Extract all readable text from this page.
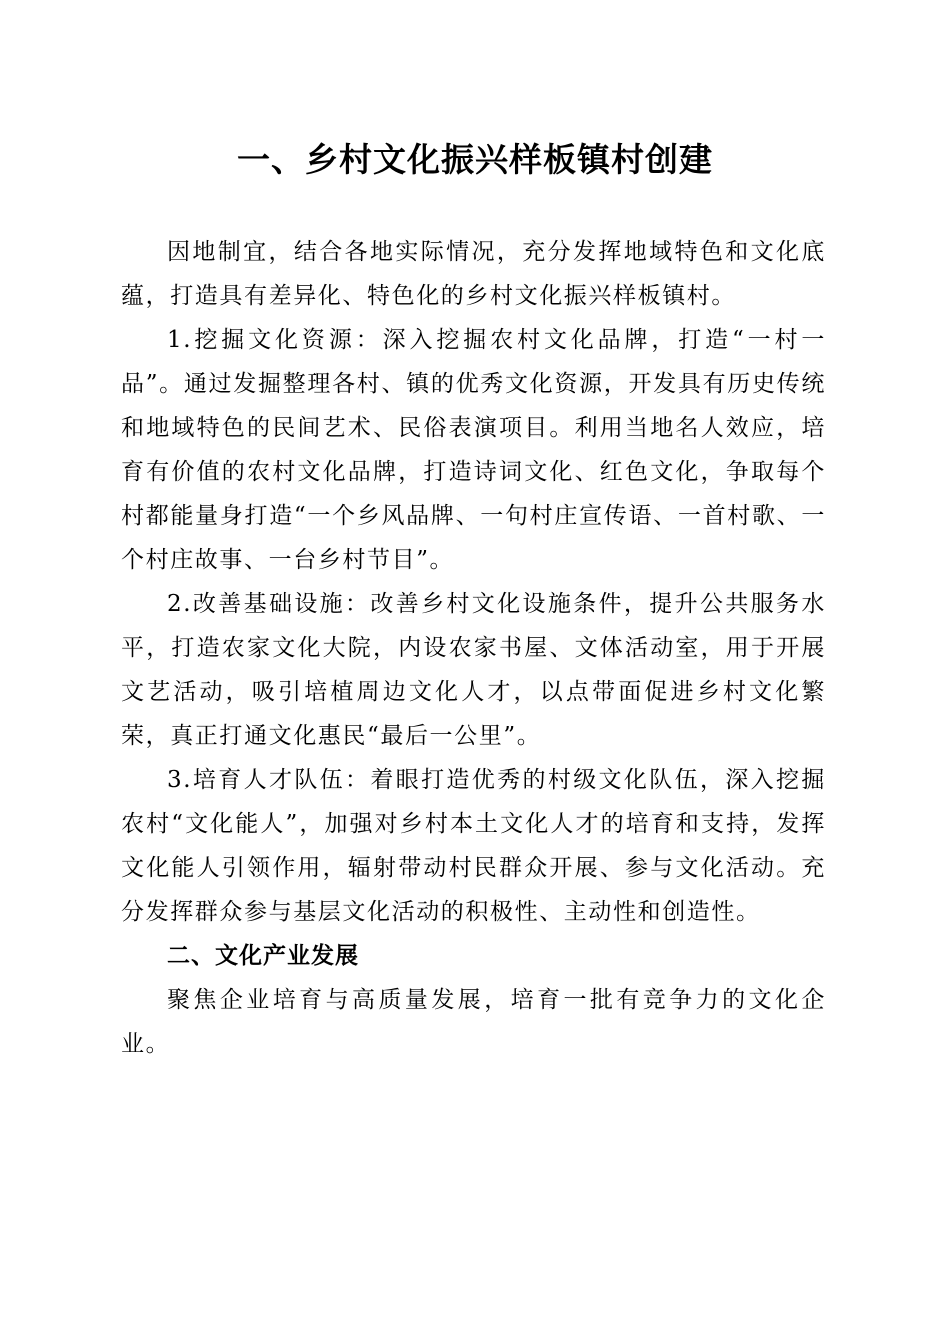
一、乡村文化振兴样板镇村创建

因地制宜，结合各地实际情况，充分发挥地域特色和文化底蕴，打造具有差异化、特色化的乡村文化振兴样板镇村。

1.挖掘文化资源：深入挖掘农村文化品牌，打造“一村一品”。通过发掘整理各村、镇的优秀文化资源，开发具有历史传统和地域特色的民间艺术、民俗表演项目。利用当地名人效应，培育有价值的农村文化品牌，打造诗词文化、红色文化，争取每个村都能量身打造“一个乡风品牌、一句村庄宣传语、一首村歌、一个村庄故事、一台乡村节目”。

2.改善基础设施：改善乡村文化设施条件，提升公共服务水平，打造农家文化大院，内设农家书屋、文体活动室，用于开展文艺活动，吸引培植周边文化人才，以点带面促进乡村文化繁荣，真正打通文化惠民“最后一公里”。

3.培育人才队伍：着眼打造优秀的村级文化队伍，深入挖掘农村“文化能人”，加强对乡村本土文化人才的培育和支持，发挥文化能人引领作用，辐射带动村民群众开展、参与文化活动。充分发挥群众参与基层文化活动的积极性、主动性和创造性。

二、文化产业发展

聚焦企业培育与高质量发展，培育一批有竞争力的文化企业。
